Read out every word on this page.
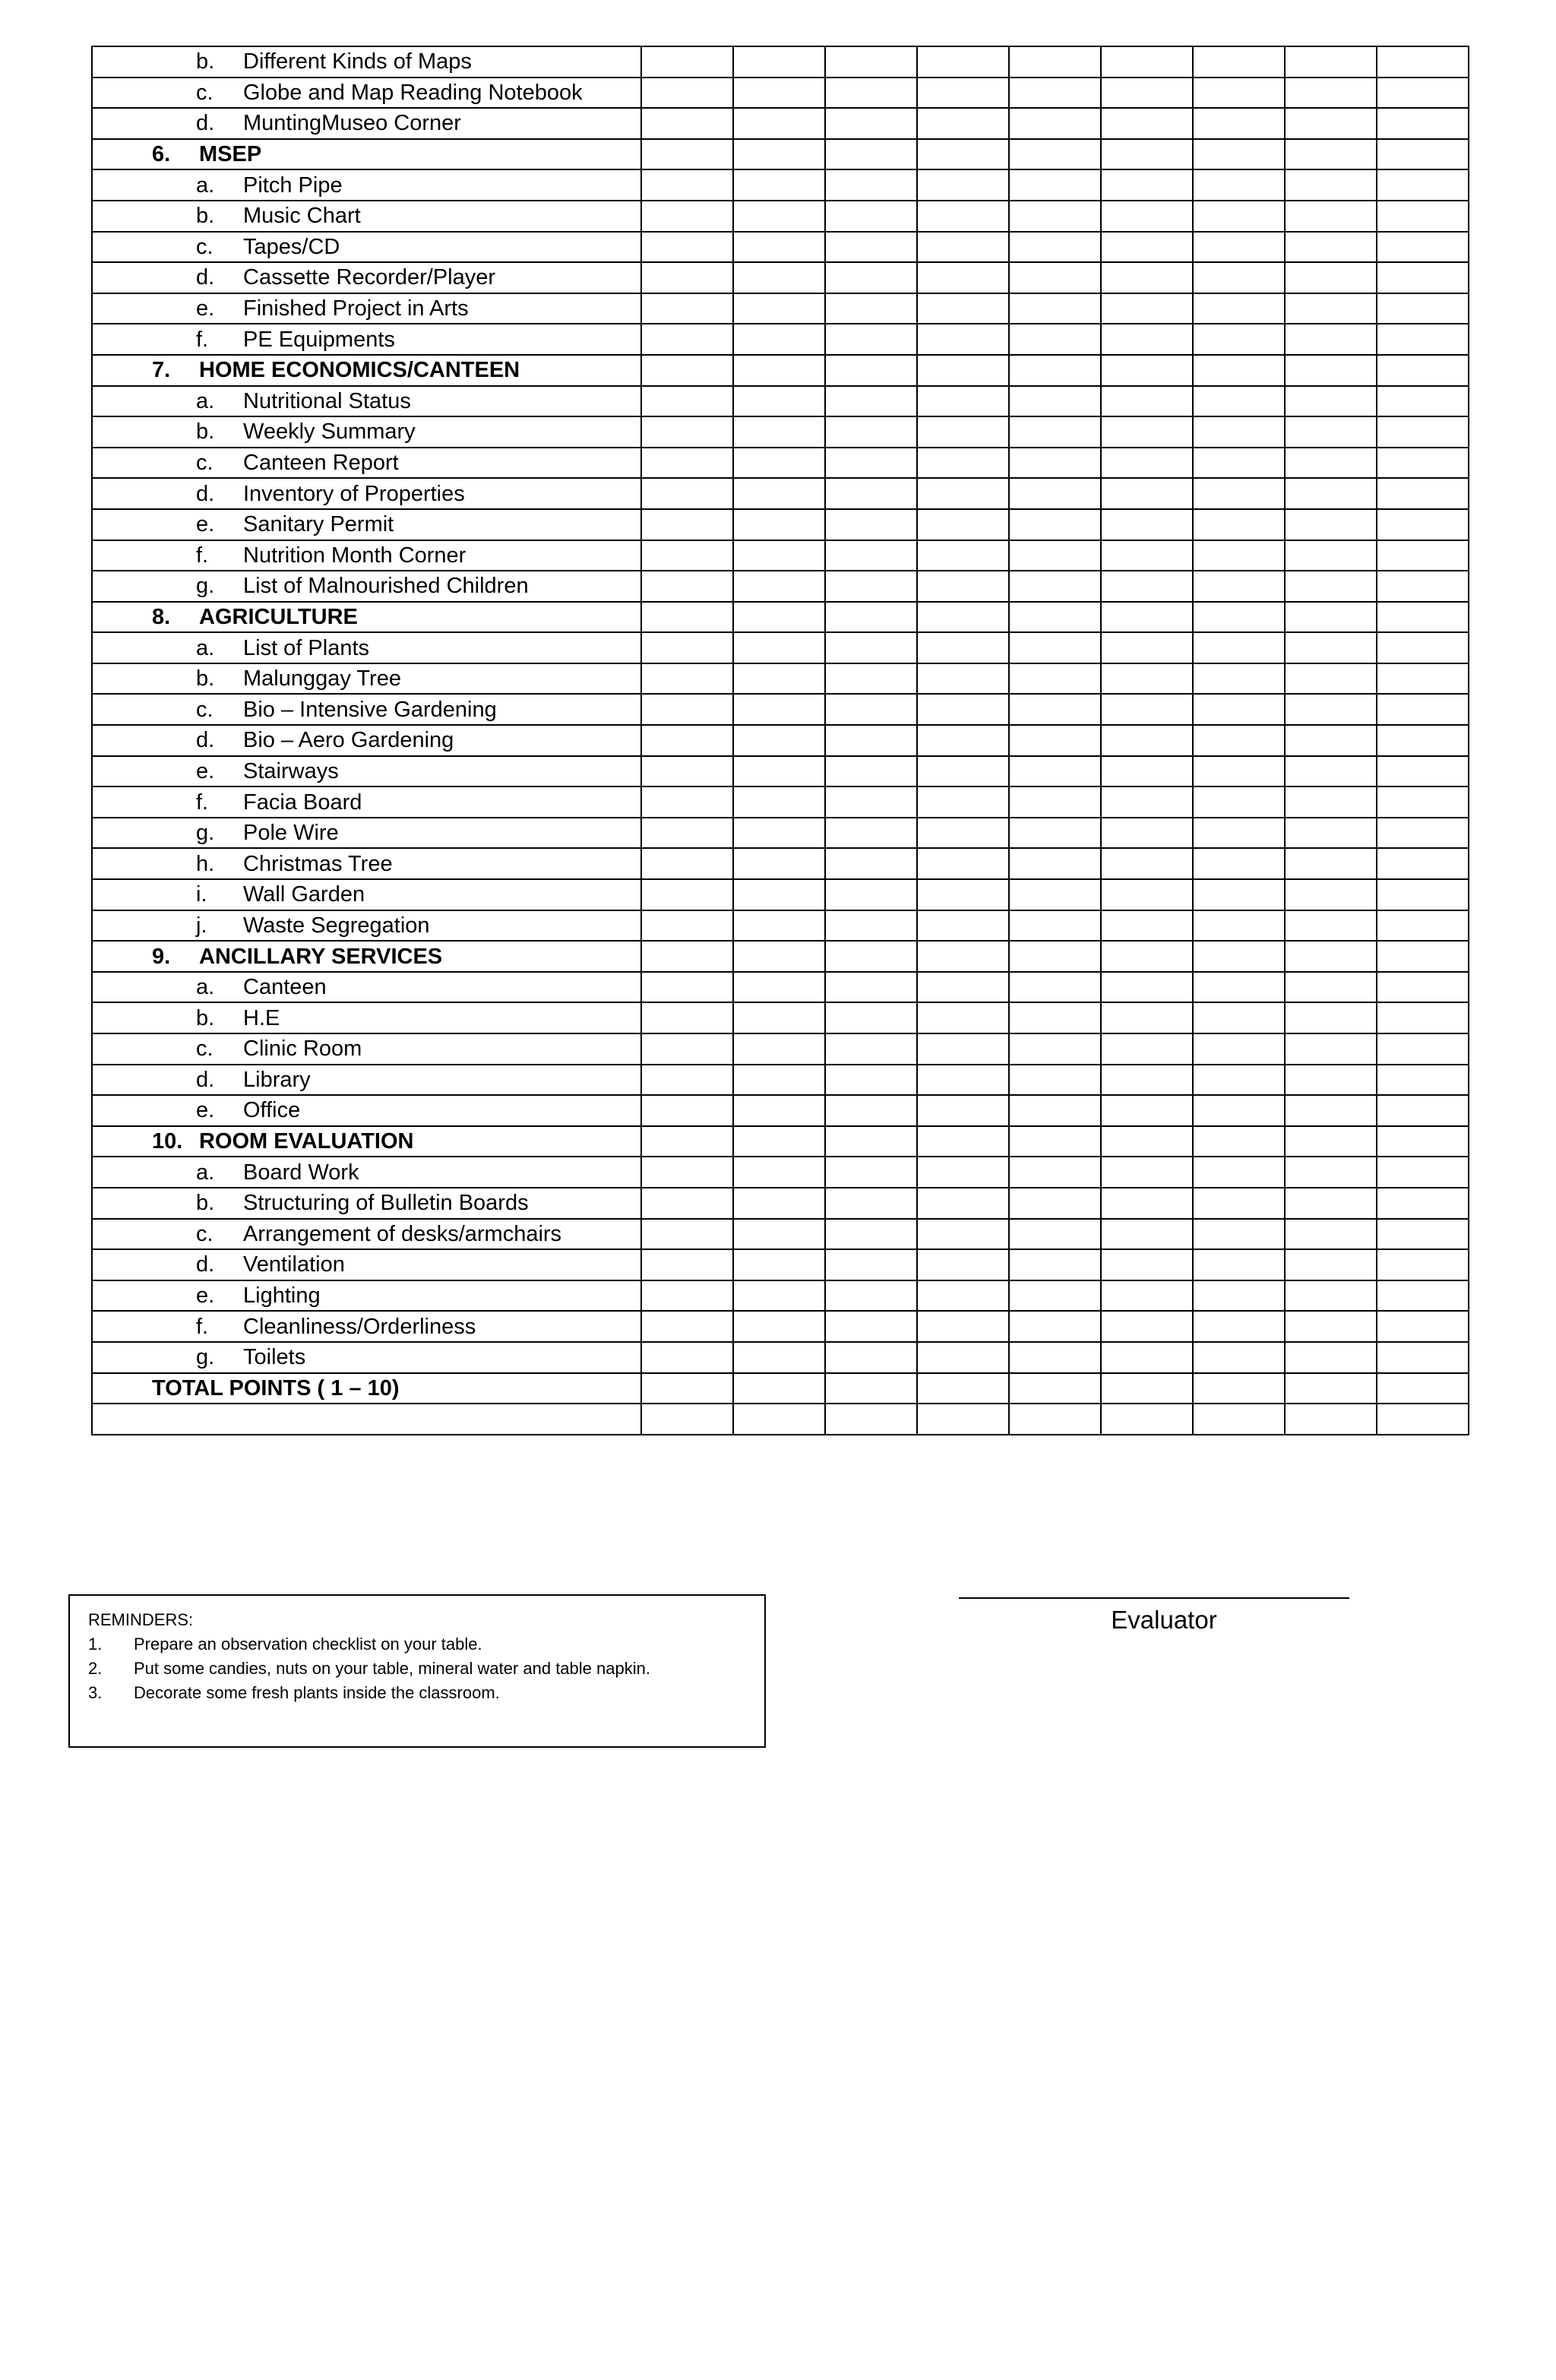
b. Different Kinds of Maps									
c. Globe and Map Reading Notebook									
d. MuntingMuseo Corner									
6. MSEP									
a. Pitch Pipe									
b. Music Chart									
c. Tapes/CD									
d. Cassette Recorder/Player									
e. Finished Project in Arts									
f. PE Equipments									
7. HOME ECONOMICS/CANTEEN									
a. Nutritional Status									
b. Weekly Summary									
c. Canteen Report									
d. Inventory of Properties									
e. Sanitary Permit									
f. Nutrition Month Corner									
g. List of Malnourished Children									
8. AGRICULTURE									
a. List of Plants									
b. Malunggay Tree									
c. Bio – Intensive Gardening									
d. Bio – Aero Gardening									
e. Stairways									
f. Facia Board									
g. Pole Wire									
h. Christmas Tree									
i. Wall Garden									
j. Waste Segregation									
9. ANCILLARY SERVICES									
a. Canteen									
b. H.E									
c. Clinic Room									
d. Library									
e. Office									
10. ROOM EVALUATION									
a. Board Work									
b. Structuring of Bulletin Boards									
c. Arrangement of desks/armchairs									
d. Ventilation									
e. Lighting									
f. Cleanliness/Orderliness									
g. Toilets									
TOTAL POINTS ( 1 – 10)									

REMINDERS:
1. Prepare an observation checklist on your table.
2. Put some candies, nuts on your table, mineral water and table napkin.
3. Decorate some fresh plants inside the classroom.
Evaluator
